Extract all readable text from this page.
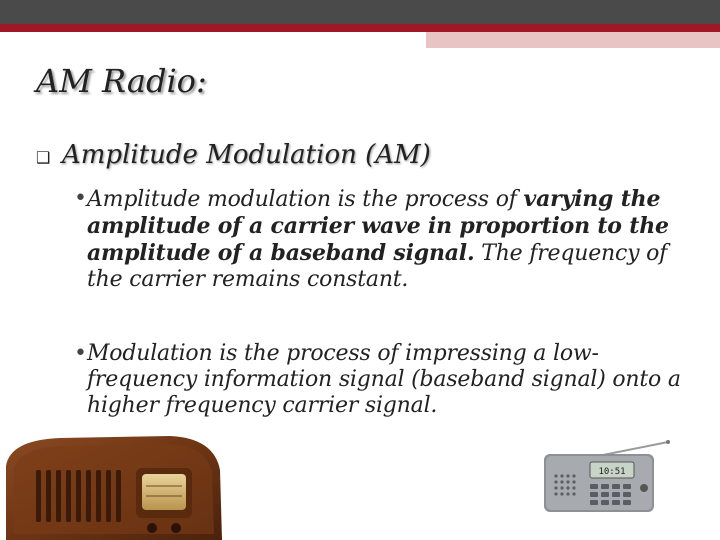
AM Radio:
❑ Amplitude Modulation (AM)
• Amplitude modulation is the process of varying the amplitude of a carrier wave in proportion to the amplitude of a baseband signal. The frequency of the carrier remains constant.
• Modulation is the process of impressing a low-frequency information signal (baseband signal) onto a higher frequency carrier signal.
10:51
